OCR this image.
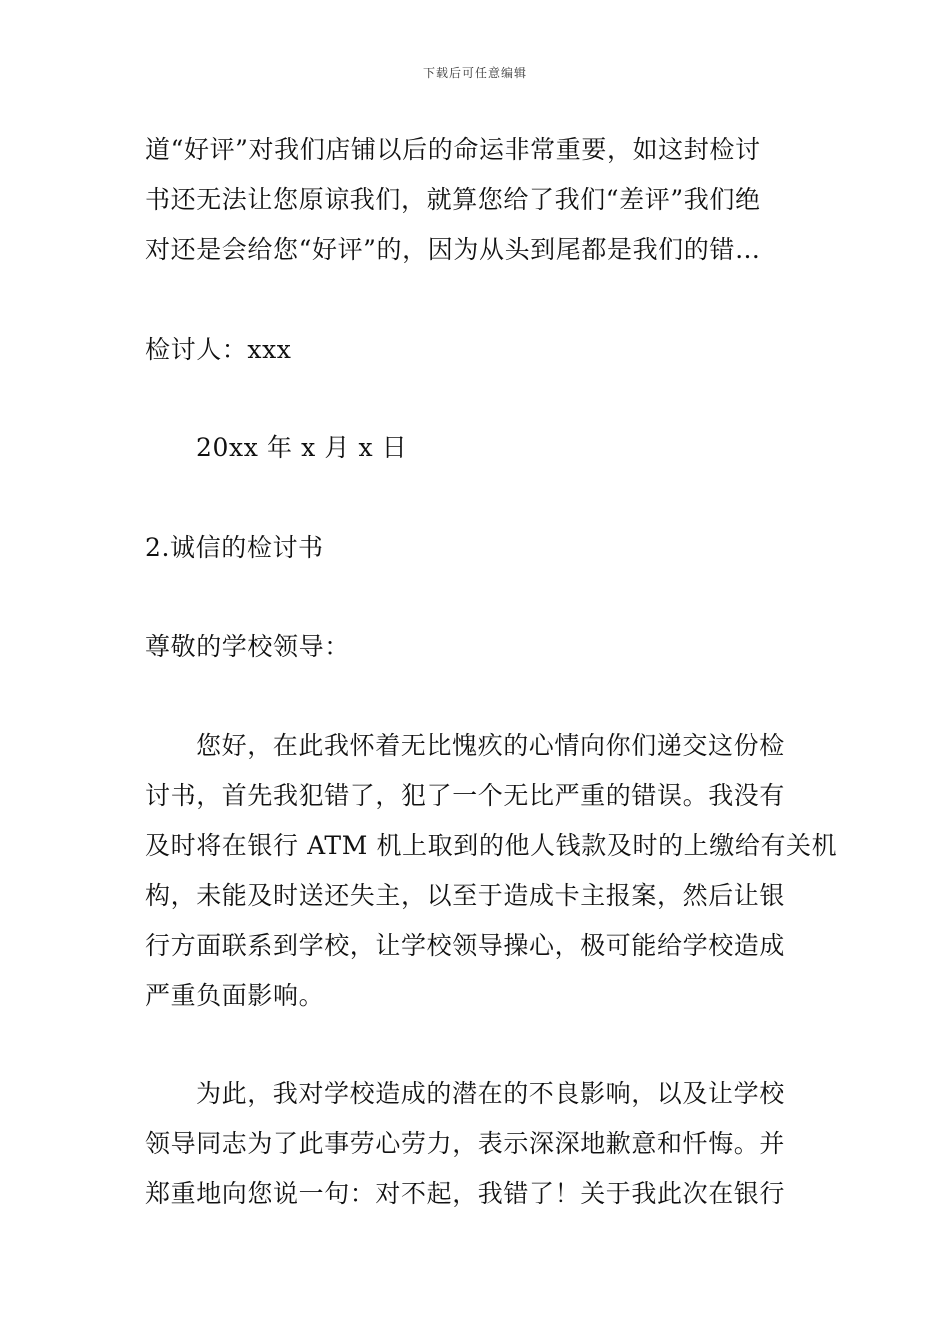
下载后可任意编辑
道“好评”对我们店铺以后的命运非常重要，如这封检讨
书还无法让您原谅我们，就算您给了我们“差评”我们绝
对还是会给您“好评”的，因为从头到尾都是我们的错…
检讨人：xxx
20xx 年 x 月 x 日
2.诚信的检讨书
尊敬的学校领导：
您好，在此我怀着无比愧疚的心情向你们递交这份检
讨书，首先我犯错了，犯了一个无比严重的错误。我没有
及时将在银行 ATM 机上取到的他人钱款及时的上缴给有关机
构，未能及时送还失主，以至于造成卡主报案，然后让银
行方面联系到学校，让学校领导操心，极可能给学校造成
严重负面影响。
为此，我对学校造成的潜在的不良影响，以及让学校
领导同志为了此事劳心劳力，表示深深地歉意和忏悔。并
郑重地向您说一句：对不起，我错了！关于我此次在银行
